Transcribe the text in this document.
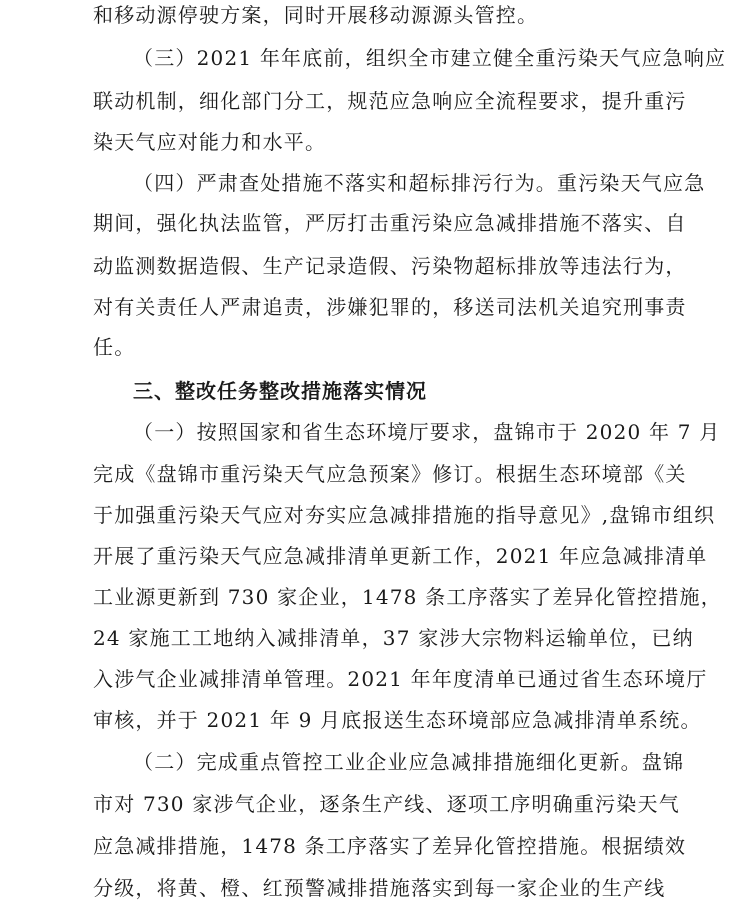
和移动源停驶方案，同时开展移动源源头管控。
（三）2021 年年底前，组织全市建立健全重污染天气应急响应
联动机制，细化部门分工，规范应急响应全流程要求，提升重污
染天气应对能力和水平。
（四）严肃查处措施不落实和超标排污行为。重污染天气应急
期间，强化执法监管，严厉打击重污染应急减排措施不落实、自
动监测数据造假、生产记录造假、污染物超标排放等违法行为，
对有关责任人严肃追责，涉嫌犯罪的，移送司法机关追究刑事责
任。
三、整改任务整改措施落实情况
（一）按照国家和省生态环境厅要求，盘锦市于 2020 年 7 月
完成《盘锦市重污染天气应急预案》修订。根据生态环境部《关
于加强重污染天气应对夯实应急减排措施的指导意见》,盘锦市组织
开展了重污染天气应急减排清单更新工作，2021 年应急减排清单
工业源更新到 730 家企业，1478 条工序落实了差异化管控措施，
24 家施工工地纳入减排清单，37 家涉大宗物料运输单位，已纳
入涉气企业减排清单管理。2021 年年度清单已通过省生态环境厅
审核，并于 2021 年 9 月底报送生态环境部应急减排清单系统。
（二）完成重点管控工业企业应急减排措施细化更新。盘锦
市对 730 家涉气企业，逐条生产线、逐项工序明确重污染天气
应急减排措施，1478 条工序落实了差异化管控措施。根据绩效
分级，将黄、橙、红预警减排措施落实到每一家企业的生产线
